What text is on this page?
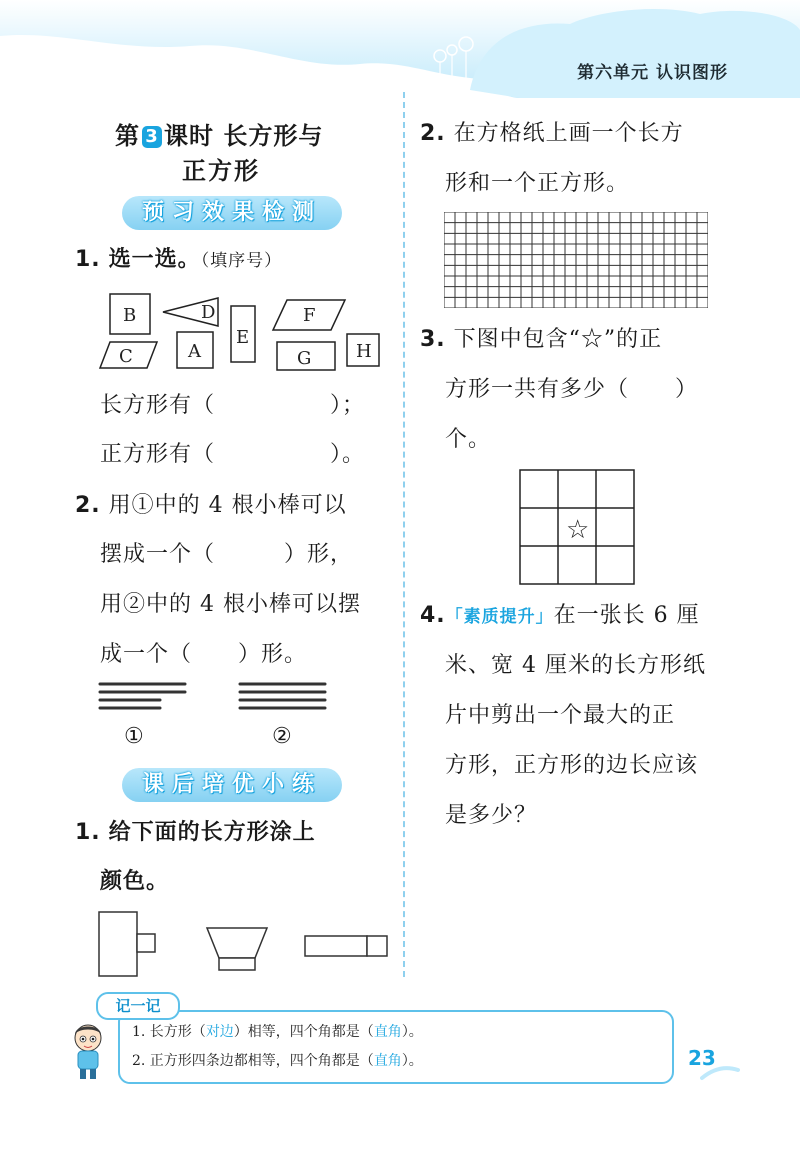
第六单元 认识图形
第 3 课时 长方形与
正方形
预习效果检测
1. 选一选。（填序号）
B	D
E
F
C	A	G H
长方形有（　　　　　）；
正方形有（　　　　　）。
2. 用①中的 4 根小棒可以
摆成一个（　　　）形，
用②中的 4 根小棒可以摆
成一个（　　）形。
①	②
课后培优小练
1. 给下面的长方形涂上
颜色。
2. 在方格纸上画一个长方
形和一个正方形。
3. 下图中包含“☆”的正
方形一共有多少（　　）
个。
☆
4.「素质提升」在一张长 6 厘
米、宽 4 厘米的长方形纸
片中剪出一个最大的正
方形，正方形的边长应该
是多少？
记一记
1. 长方形（对边）相等，四个角都是（直角）。
2. 正方形四条边都相等，四个角都是（直角）。	23
